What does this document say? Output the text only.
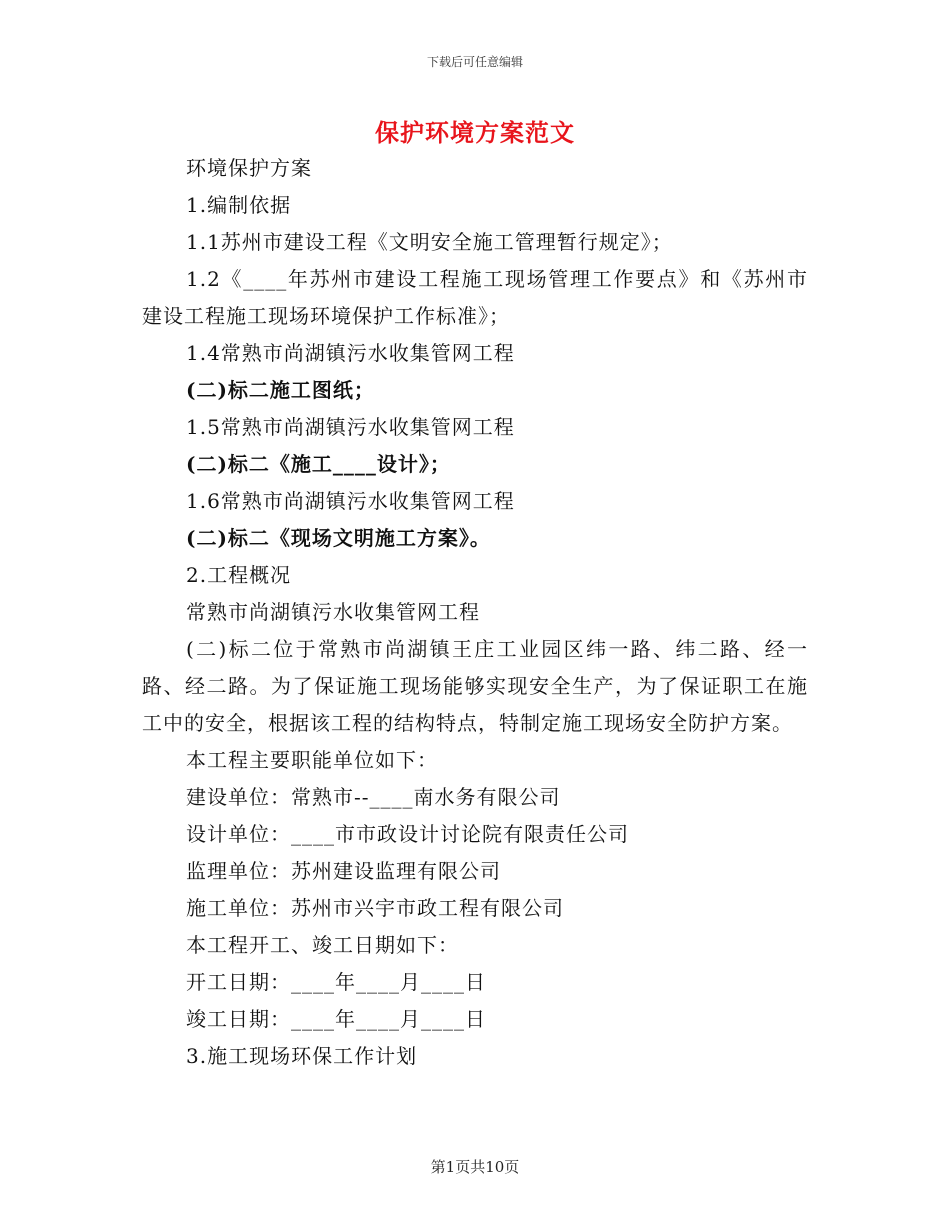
下载后可任意编辑
保护环境方案范文

环境保护方案

1.编制依据

1.1苏州市建设工程《文明安全施工管理暂行规定》；

1.2《____年苏州市建设工程施工现场管理工作要点》和《苏州市建设工程施工现场环境保护工作标准》；

1.4常熟市尚湖镇污水收集管网工程

(二)标二施工图纸；

1.5常熟市尚湖镇污水收集管网工程

(二)标二《施工____设计》；

1.6常熟市尚湖镇污水收集管网工程

(二)标二《现场文明施工方案》。

2.工程概况

常熟市尚湖镇污水收集管网工程

(二)标二位于常熟市尚湖镇王庄工业园区纬一路、纬二路、经一路、经二路。为了保证施工现场能够实现安全生产，为了保证职工在施工中的安全，根据该工程的结构特点，特制定施工现场安全防护方案。

本工程主要职能单位如下：

建设单位：常熟市--____南水务有限公司

设计单位：____市市政设计讨论院有限责任公司

监理单位：苏州建设监理有限公司

施工单位：苏州市兴宇市政工程有限公司

本工程开工、竣工日期如下：

开工日期：____年____月____日

竣工日期：____年____月____日

3.施工现场环保工作计划

第1页共10页
